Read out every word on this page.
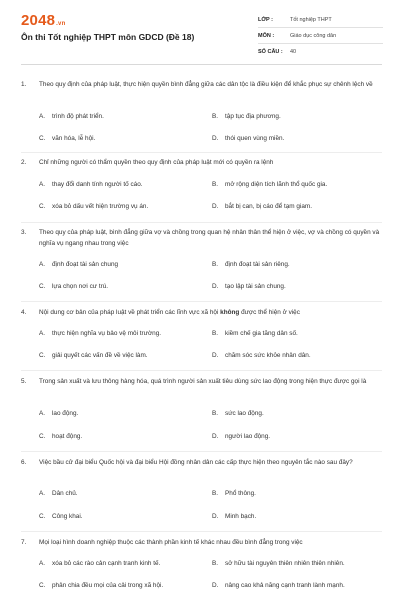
2048.vn
Ôn thi Tốt nghiệp THPT môn GDCD (Đề 18)
LỚP :	Tốt nghiệp THPT
MÔN :	Giáo dục công dân
SỐ CÂU :	40
1.	Theo quy định của pháp luật, thực hiện quyền bình đẳng giữa các dân tộc là điều kiện để khắc phục sự chênh lệch về
A. trình độ phát triển.	B. tập tục địa phương.
C. văn hóa, lễ hội.	D. thói quen vùng miền.
2.	Chỉ những người có thẩm quyền theo quy định của pháp luật mới có quyền ra lệnh
A. thay đổi danh tính người tố cáo.	B. mở rộng diện tích lãnh thổ quốc gia.
C. xóa bỏ dấu vết hiện trường vụ án.	D. bắt bị can, bị cáo để tạm giam.
3.	Theo quy của pháp luật, bình đẳng giữa vợ và chồng trong quan hệ nhân thân thể hiện ở việc, vợ và chồng có quyền và nghĩa vụ ngang nhau trong việc
A. định đoạt tài sản chung	B. định đoạt tài sản riêng.
C. lựa chọn nơi cư trú.	D. tạo lập tài sản chung.
4.	Nội dung cơ bản của pháp luật về phát triển các lĩnh vực xã hội không được thể hiện ở việc
A. thực hiện nghĩa vụ bảo vệ môi trường.	B. kiềm chế gia tăng dân số.
C. giải quyết các vấn đề về việc làm.	D. chăm sóc sức khỏe nhân dân.
5.	Trong sản xuất và lưu thông hàng hóa, quá trình người sản xuất tiêu dùng sức lao động trong hiện thực được gọi là
A. lao động.	B. sức lao động.
C. hoạt động.	D. người lao động.
6.	Việc bầu cử đại biểu Quốc hội và đại biểu Hội đồng nhân dân các cấp thực hiện theo nguyên tắc nào sau đây?
A. Dân chủ.	B. Phổ thông.
C. Công khai.	D. Minh bạch.
7.	Mọi loại hình doanh nghiệp thuộc các thành phần kinh tế khác nhau đều bình đẳng trong việc
A. xóa bỏ các rào cản cạnh tranh kinh tế.	B. sở hữu tài nguyên thiên nhiên thiên nhiên.
C. phân chia đều mọi của cải trong xã hội.	D. nâng cao khả năng cạnh tranh lành mạnh.
